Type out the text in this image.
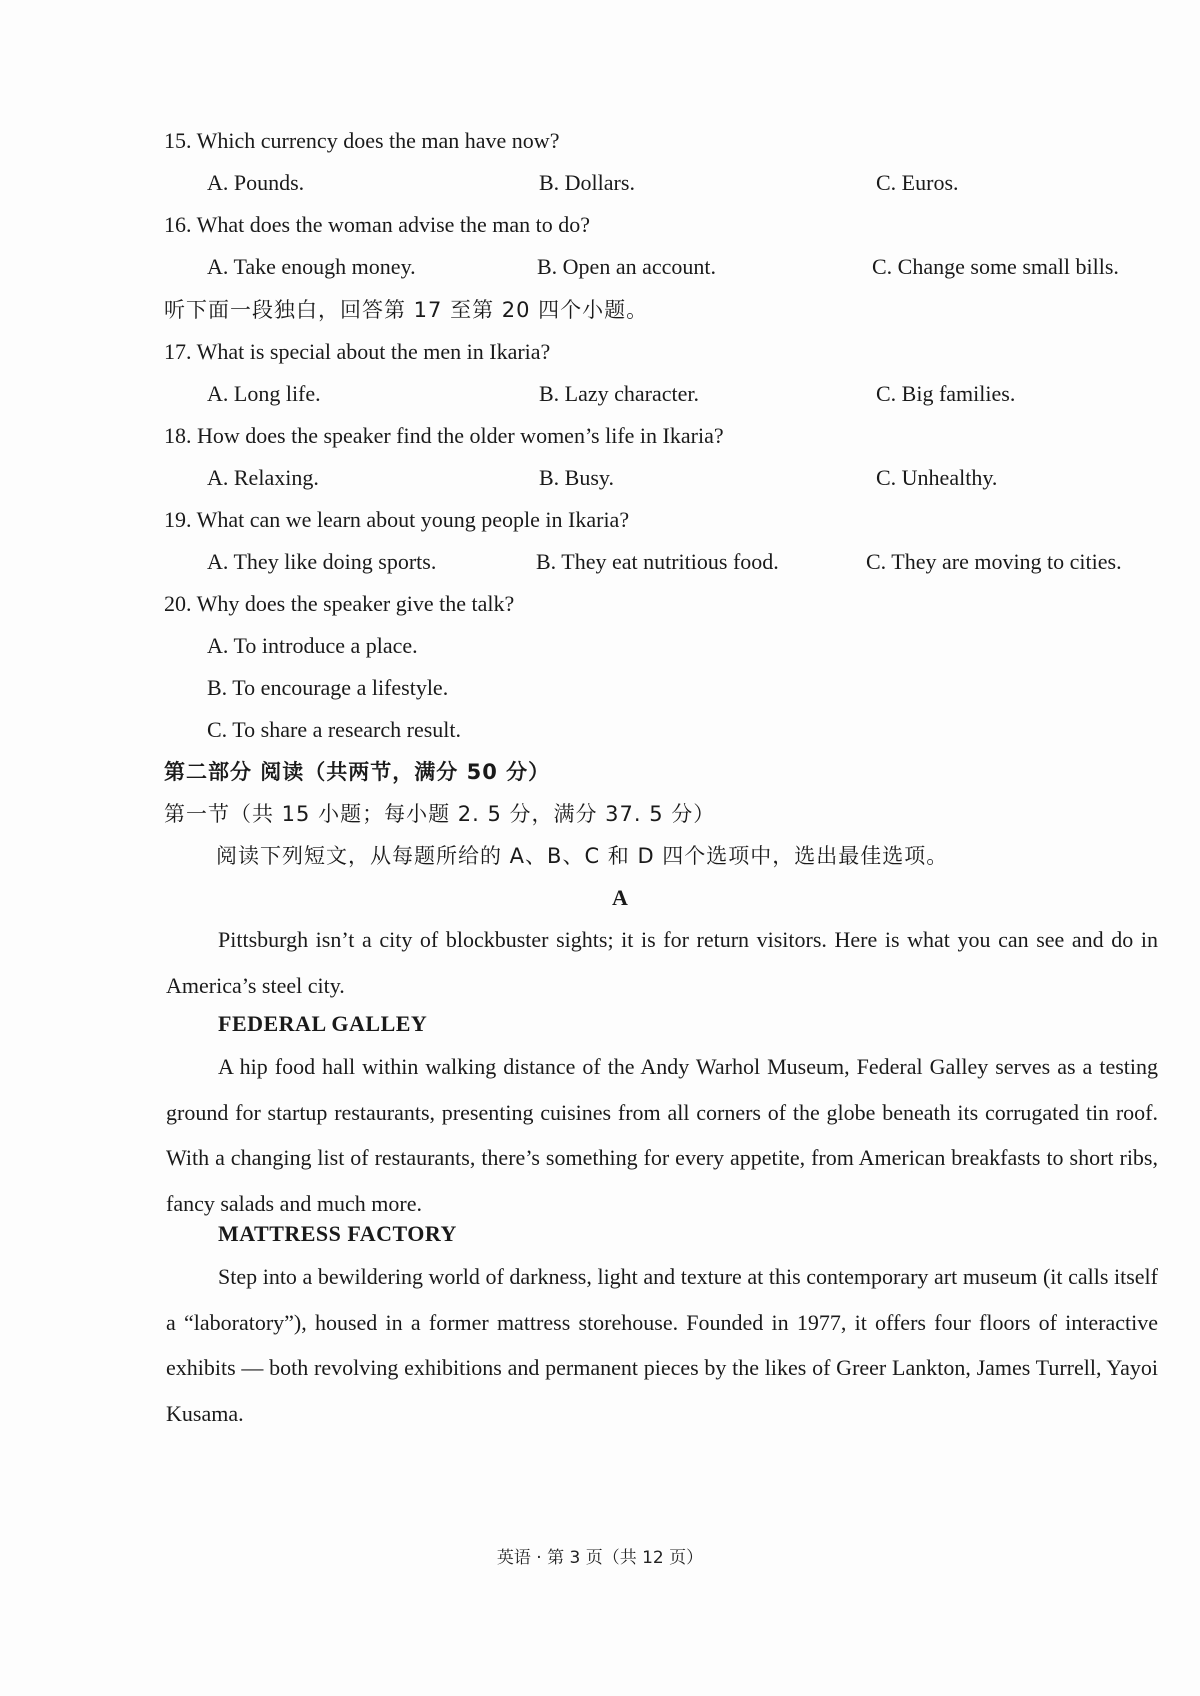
15. Which currency does the man have now?
A. Pounds.	B. Dollars.	C. Euros.
16. What does the woman advise the man to do?
A. Take enough money.	B. Open an account.	C. Change some small bills.
听下面一段独白，回答第 17 至第 20 四个小题。
17. What is special about the men in Ikaria?
A. Long life.	B. Lazy character.	C. Big families.
18. How does the speaker find the older women’s life in Ikaria?
A. Relaxing.	B. Busy.	C. Unhealthy.
19. What can we learn about young people in Ikaria?
A. They like doing sports.	B. They eat nutritious food.	C. They are moving to cities.
20. Why does the speaker give the talk?
A. To introduce a place.
B. To encourage a lifestyle.
C. To share a research result.
第二部分 阅读（共两节，满分 50 分）
第一节（共 15 小题；每小题 2. 5 分，满分 37. 5 分）
阅读下列短文，从每题所给的 A、B、C 和 D 四个选项中，选出最佳选项。
A
Pittsburgh isn’t a city of blockbuster sights; it is for return visitors. Here is what you can see and do in America’s steel city.
FEDERAL GALLEY
A hip food hall within walking distance of the Andy Warhol Museum, Federal Galley serves as a testing ground for startup restaurants, presenting cuisines from all corners of the globe beneath its corrugated tin roof. With a changing list of restaurants, there’s something for every appetite, from American breakfasts to short ribs, fancy salads and much more.
MATTRESS FACTORY
Step into a bewildering world of darkness, light and texture at this contemporary art museum (it calls itself a “laboratory”), housed in a former mattress storehouse. Founded in 1977, it offers four floors of interactive exhibits — both revolving exhibitions and permanent pieces by the likes of Greer Lankton, James Turrell, Yayoi Kusama.
英语 · 第 3 页（共 12 页）
